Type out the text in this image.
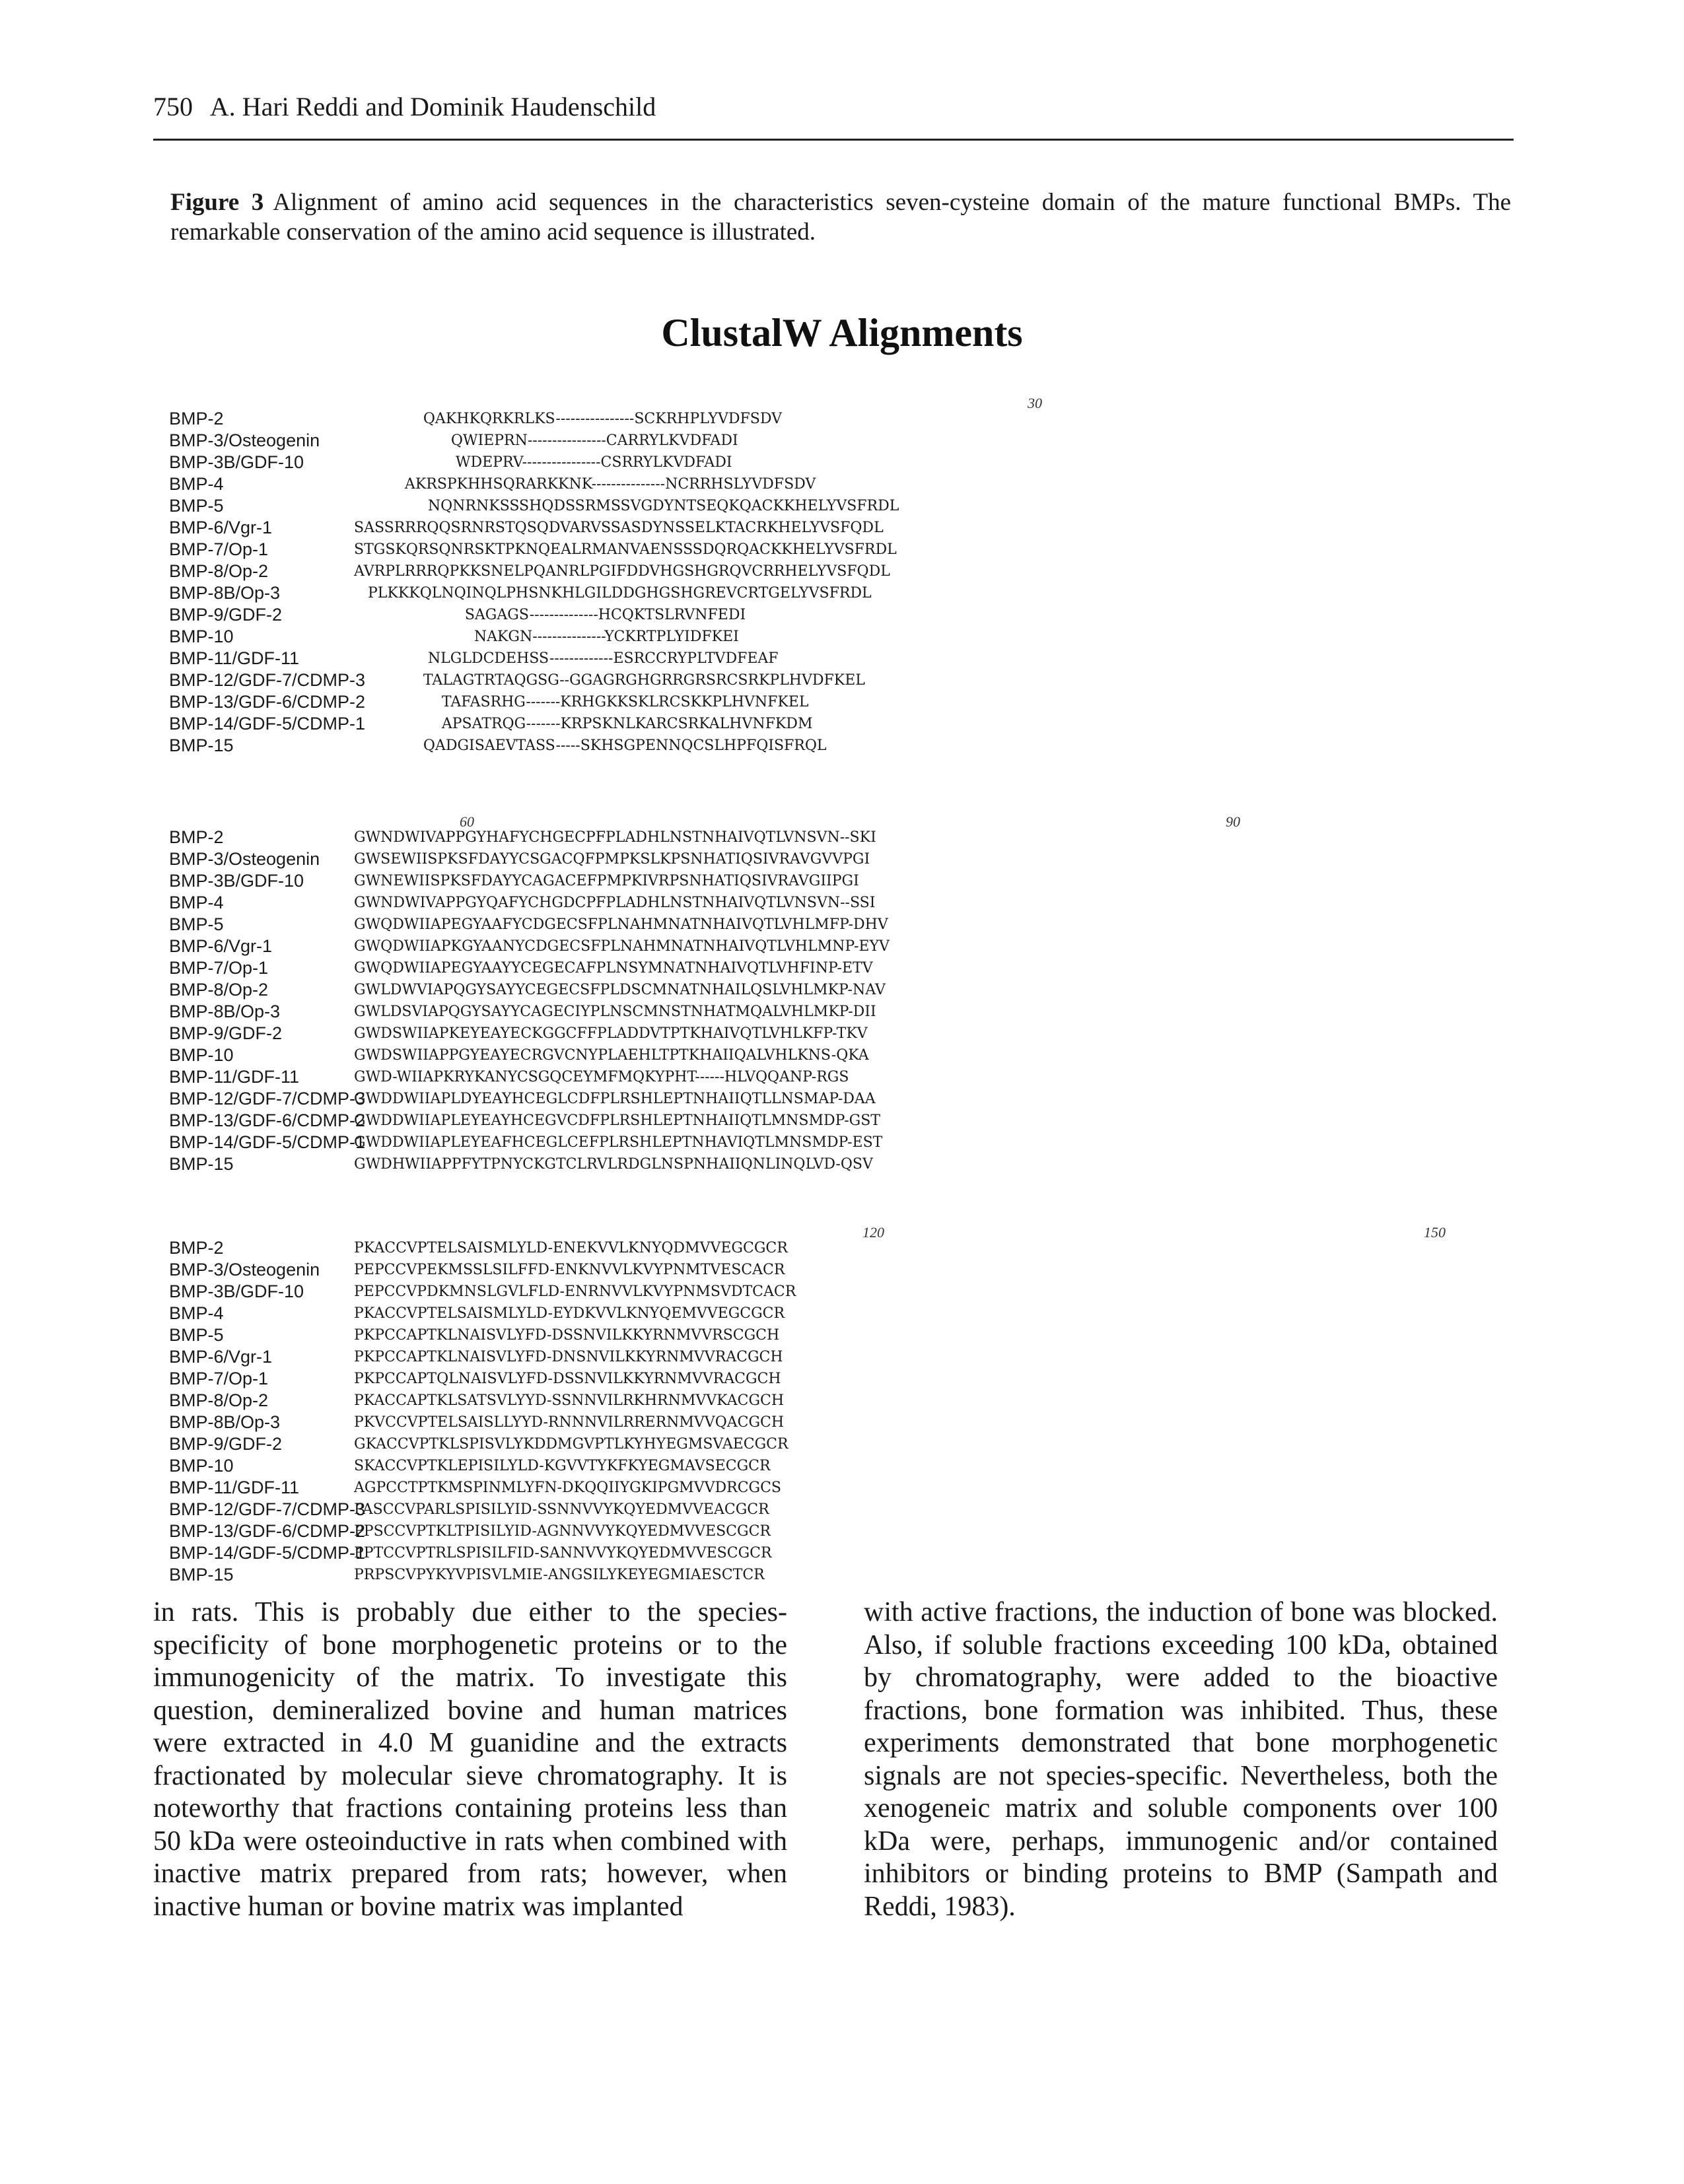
750 A. Hari Reddi and Dominik Haudenschild
Figure 3 Alignment of amino acid sequences in the characteristics seven-cysteine domain of the mature functional BMPs. The remarkable conservation of the amino acid sequence is illustrated.
ClustalW Alignments
30
BMP-2
BMP-3/Osteogenin
BMP-3B/GDF-10
BMP-4
BMP-5
BMP-6/Vgr-1
BMP-7/Op-1
BMP-8/Op-2
BMP-8B/Op-3
BMP-9/GDF-2
BMP-10
BMP-11/GDF-11
BMP-12/GDF-7/CDMP-3
BMP-13/GDF-6/CDMP-2
BMP-14/GDF-5/CDMP-1
BMP-15
QAKHKQRKRLKS----------------SCKRHPLYVDFSDV
QWIEPRN----------------CARRYLKVDFADI
WDEPRV----------------CSRRYLKVDFADI
AKRSPKHHSQRARKKNK---------------NCRRHSLYVDFSDV
NQNRNKSSSHQDSSRMSSVGDYNTSEQKQACKKHELYVSFRDL
SASSRRRQQSRNRSTQSQDVARVSSASDYNSSELKTACRKHELYVSFQDL
STGSKQRSQNRSKTPKNQEALRMANVAENSSSDQRQACKKHELYVSFRDL
AVRPLRRRQPKKSNELPQANRLPGIFDDVHGSHGRQVCRRHELYVSFQDL
PLKKKQLNQINQLPHSNKHLGILDDGHGSHGREVCRTGELYVSFRDL
SAGAGS--------------HCQKTSLRVNFEDI
NAKGN---------------YCKRTPLYIDFKEI
NLGLDCDEHSS-------------ESRCCRYPLTVDFEAF
TALAGTRTAQGSG--GGAGRGHGRRGRSRCSRKPLHVDFKEL
TAFASRHG-------KRHGKKSKLRCSKKPLHVNFKEL
APSATRQG-------KRPSKNLKARCSRKALHVNFKDM
QADGISAEVTASS-----SKHSGPENNQCSLHPFQISFRQL
60	90
BMP-2
BMP-3/Osteogenin
BMP-3B/GDF-10
BMP-4
BMP-5
BMP-6/Vgr-1
BMP-7/Op-1
BMP-8/Op-2
BMP-8B/Op-3
BMP-9/GDF-2
BMP-10
BMP-11/GDF-11
BMP-12/GDF-7/CDMP-3
BMP-13/GDF-6/CDMP-2
BMP-14/GDF-5/CDMP-1
BMP-15
GWNDWIVAPPGYHAFYCHGECPFPLADHLNSTNHAIVQTLVNSVN--SKI
GWSEWIISPKSFDAYYCSGACQFPMPKSLKPSNHATIQSIVRAVGVVPGI
GWNEWIISPKSFDAYYCAGACEFPMPKIVRPSNHATIQSIVRAVGIIPGI
GWNDWIVAPPGYQAFYCHGDCPFPLADHLNSTNHAIVQTLVNSVN--SSI
GWQDWIIAPEGYAAFYCDGECSFPLNAHMNATNHAIVQTLVHLMFP-DHV
GWQDWIIAPKGYAANYCDGECSFPLNAHMNATNHAIVQTLVHLMNP-EYV
GWQDWIIAPEGYAAYYCEGECAFPLNSYMNATNHAIVQTLVHFINP-ETV
GWLDWVIAPQGYSAYYCEGECSFPLDSCMNATNHAILQSLVHLMKP-NAV
GWLDSVIAPQGYSAYYCAGECIYPLNSCMNSTNHATMQALVHLMKP-DII
GWDSWIIAPKEYEAYECKGGCFFPLADDVTPTKHAIVQTLVHLKFP-TKV
GWDSWIIAPPGYEAYECRGVCNYPLAEHLTPTKHAIIQALVHLKNS-QKA
GWD-WIIAPKRYKANYCSGQCEYMFMQKYPHT------HLVQQANP-RGS
GWDDWIIAPLDYEAYHCEGLCDFPLRSHLEPTNHAIIQTLLNSMAP-DAA
GWDDWIIAPLEYEAYHCEGVCDFPLRSHLEPTNHAIIQTLMNSMDP-GST
GWDDWIIAPLEYEAFHCEGLCEFPLRSHLEPTNHAVIQTLMNSMDP-EST
GWDHWIIAPPFYTPNYCKGTCLRVLRDGLNSPNHAIIQNLINQLVD-QSV
120	150
BMP-2
BMP-3/Osteogenin
BMP-3B/GDF-10
BMP-4
BMP-5
BMP-6/Vgr-1
BMP-7/Op-1
BMP-8/Op-2
BMP-8B/Op-3
BMP-9/GDF-2
BMP-10
BMP-11/GDF-11
BMP-12/GDF-7/CDMP-3
BMP-13/GDF-6/CDMP-2
BMP-14/GDF-5/CDMP-1
BMP-15
PKACCVPTELSAISMLYLD-ENEKVVLKNYQDMVVEGCGCR
PEPCCVPEKMSSLSILFFD-ENKNVVLKVYPNMTVESCACR
PEPCCVPDKMNSLGVLFLD-ENRNVVLKVYPNMSVDTCACR
PKACCVPTELSAISMLYLD-EYDKVVLKNYQEMVVEGCGCR
PKPCCAPTKLNAISVLYFD-DSSNVILKKYRNMVVRSCGCH
PKPCCAPTKLNAISVLYFD-DNSNVILKKYRNMVVRACGCH
PKPCCAPTQLNAISVLYFD-DSSNVILKKYRNMVVRACGCH
PKACCAPTKLSATSVLYYD-SSNNVILRKHRNMVVKACGCH
PKVCCVPTELSAISLLYYD-RNNNVILRRERNMVVQACGCH
GKACCVPTKLSPISVLYKDDMGVPTLKYHYEGMSVAECGCR
SKACCVPTKLEPISILYLD-KGVVTYKFKYEGMAVSECGCR
AGPCCTPTKMSPINMLYFN-DKQQIIYGKIPGMVVDRCGCS
PASCCVPARLSPISILYID-SSNNVVYKQYEDMVVEACGCR
PPSCCVPTKLTPISILYID-AGNNVVYKQYEDMVVESCGCR
PPTCCVPTRLSPISILFID-SANNVVYKQYEDMVVESCGCR
PRPSCVPYKYVPISVLMIE-ANGSILYKEYEGMIAESCTCR
in rats. This is probably due either to the species-specificity of bone morphogenetic proteins or to the immunogenicity of the matrix. To investigate this question, demineralized bovine and human matrices were extracted in 4.0 M guanidine and the extracts fractionated by molecular sieve chromatography. It is noteworthy that fractions containing proteins less than 50 kDa were osteoinductive in rats when combined with inactive matrix prepared from rats; however, when inactive human or bovine matrix was implanted
with active fractions, the induction of bone was blocked. Also, if soluble fractions exceeding 100 kDa, obtained by chromatography, were added to the bioactive fractions, bone formation was inhibited. Thus, these experiments demonstrated that bone morphogenetic signals are not species-specific. Nevertheless, both the xenogeneic matrix and soluble components over 100 kDa were, perhaps, immunogenic and/or contained inhibitors or binding proteins to BMP (Sampath and Reddi, 1983).
